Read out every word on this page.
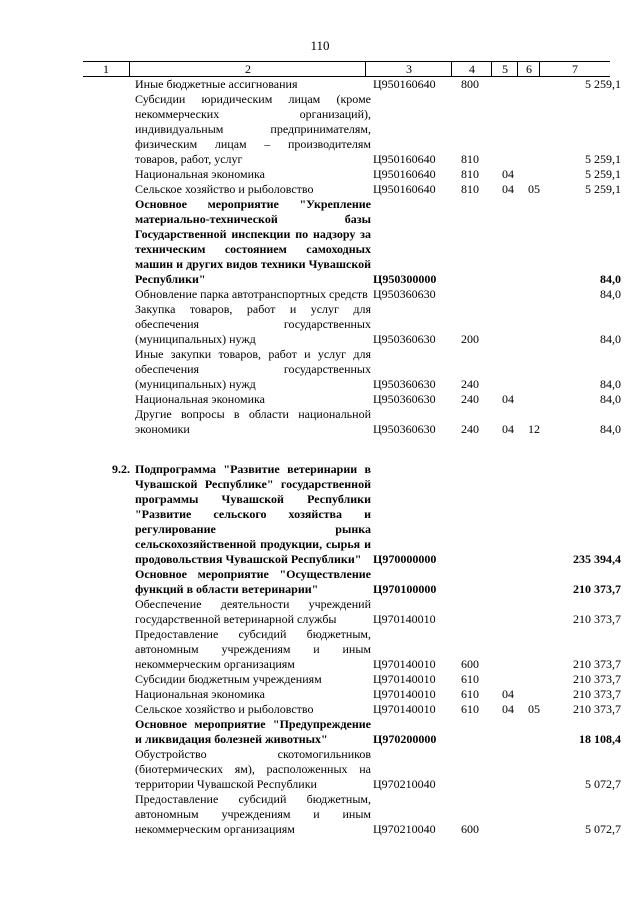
110
1	2	3	4	5	6	7
	Иные бюджетные ассигнования	Ц950160640	800			5 259,1
	Субсидии юридическим лицам (кроме некоммерческих организаций), индивидуальным предпринимателям, физическим лицам – производителям товаров, работ, услуг	Ц950160640	810			5 259,1
	Национальная экономика	Ц950160640	810	04		5 259,1
	Сельское хозяйство и рыболовство	Ц950160640	810	04	05	5 259,1
	Основное мероприятие "Укрепление материально-технической базы Государственной инспекции по надзору за техническим состоянием самоходных машин и других видов техники Чувашской Республики"	Ц950300000				84,0
	Обновление парка автотранспортных средств	Ц950360630				84,0
	Закупка товаров, работ и услуг для обеспечения государственных (муниципальных) нужд	Ц950360630	200			84,0
	Иные закупки товаров, работ и услуг для обеспечения государственных (муниципальных) нужд	Ц950360630	240			84,0
	Национальная экономика	Ц950360630	240	04		84,0
	Другие вопросы в области национальной экономики	Ц950360630	240	04	12	84,0

9.2.	Подпрограмма "Развитие ветеринарии в Чувашской Республике" государственной программы Чувашской Республики "Развитие сельского хозяйства и регулирование рынка сельскохозяйственной продукции, сырья и продовольствия Чувашской Республики"	Ц970000000				235 394,4
	Основное мероприятие "Осуществление функций в области ветеринарии"	Ц970100000				210 373,7
	Обеспечение деятельности учреждений государственной ветеринарной службы	Ц970140010				210 373,7
	Предоставление субсидий бюджетным, автономным учреждениям и иным некоммерческим организациям	Ц970140010	600			210 373,7
	Субсидии бюджетным учреждениям	Ц970140010	610			210 373,7
	Национальная экономика	Ц970140010	610	04		210 373,7
	Сельское хозяйство и рыболовство	Ц970140010	610	04	05	210 373,7
	Основное мероприятие "Предупреждение и ликвидация болезней животных"	Ц970200000				18 108,4
	Обустройство скотомогильников (биотермических ям), расположенных на территории Чувашской Республики	Ц970210040				5 072,7
	Предоставление субсидий бюджетным, автономным учреждениям и иным некоммерческим организациям	Ц970210040	600			5 072,7
